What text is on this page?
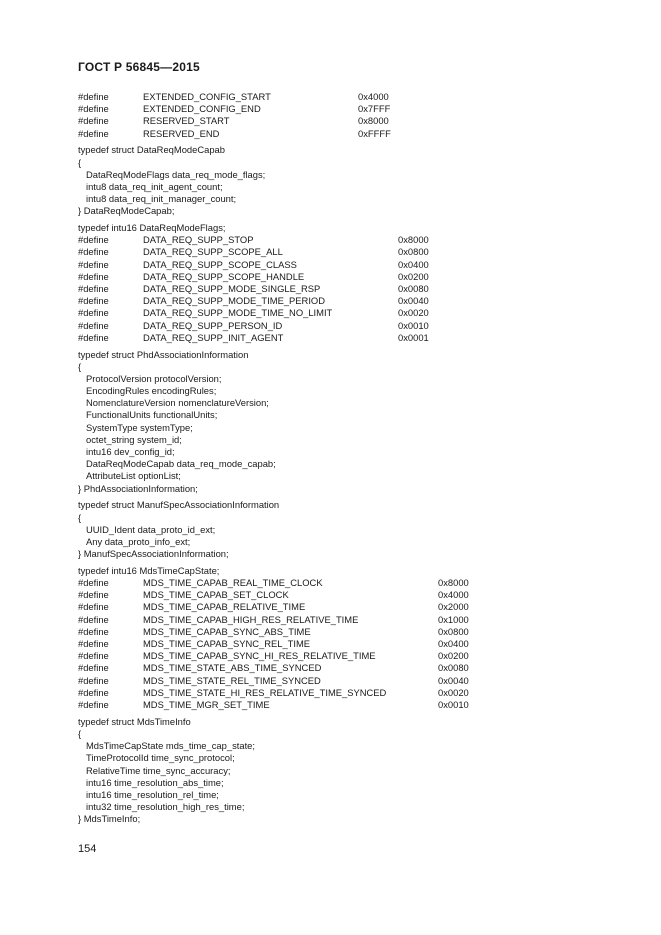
ГОСТ Р 56845—2015
#define	EXTENDED_CONFIG_START	0x4000
#define	EXTENDED_CONFIG_END	0x7FFF
#define	RESERVED_START	0x8000
#define	RESERVED_END	0xFFFF
typedef struct DataReqModeCapab
{
DataReqModeFlags data_req_mode_flags;
intu8 data_req_init_agent_count;
intu8 data_req_init_manager_count;
} DataReqModeCapab;
typedef intu16 DataReqModeFlags;
#define	DATA_REQ_SUPP_STOP	0x8000
#define	DATA_REQ_SUPP_SCOPE_ALL	0x0800
#define	DATA_REQ_SUPP_SCOPE_CLASS	0x0400
#define	DATA_REQ_SUPP_SCOPE_HANDLE	0x0200
#define	DATA_REQ_SUPP_MODE_SINGLE_RSP	0x0080
#define	DATA_REQ_SUPP_MODE_TIME_PERIOD	0x0040
#define	DATA_REQ_SUPP_MODE_TIME_NO_LIMIT	0x0020
#define	DATA_REQ_SUPP_PERSON_ID	0x0010
#define	DATA_REQ_SUPP_INIT_AGENT	0x0001
typedef struct PhdAssociationInformation
{
ProtocolVersion protocolVersion;
EncodingRules encodingRules;
NomenclatureVersion nomenclatureVersion;
FunctionalUnits functionalUnits;
SystemType systemType;
octet_string system_id;
intu16 dev_config_id;
DataReqModeCapab data_req_mode_capab;
AttributeList optionList;
} PhdAssociationInformation;
typedef struct ManufSpecAssociationInformation
{
UUID_Ident data_proto_id_ext;
Any data_proto_info_ext;
} ManufSpecAssociationInformation;
typedef intu16 MdsTimeCapState;
#define	MDS_TIME_CAPAB_REAL_TIME_CLOCK	0x8000
#define	MDS_TIME_CAPAB_SET_CLOCK	0x4000
#define	MDS_TIME_CAPAB_RELATIVE_TIME	0x2000
#define	MDS_TIME_CAPAB_HIGH_RES_RELATIVE_TIME	0x1000
#define	MDS_TIME_CAPAB_SYNC_ABS_TIME	0x0800
#define	MDS_TIME_CAPAB_SYNC_REL_TIME	0x0400
#define	MDS_TIME_CAPAB_SYNC_HI_RES_RELATIVE_TIME	0x0200
#define	MDS_TIME_STATE_ABS_TIME_SYNCED	0x0080
#define	MDS_TIME_STATE_REL_TIME_SYNCED	0x0040
#define	MDS_TIME_STATE_HI_RES_RELATIVE_TIME_SYNCED	0x0020
#define	MDS_TIME_MGR_SET_TIME	0x0010
typedef struct MdsTimeInfo
{
MdsTimeCapState mds_time_cap_state;
TimeProtocolId time_sync_protocol;
RelativeTime time_sync_accuracy;
intu16 time_resolution_abs_time;
intu16 time_resolution_rel_time;
intu32 time_resolution_high_res_time;
} MdsTimeInfo;
154
